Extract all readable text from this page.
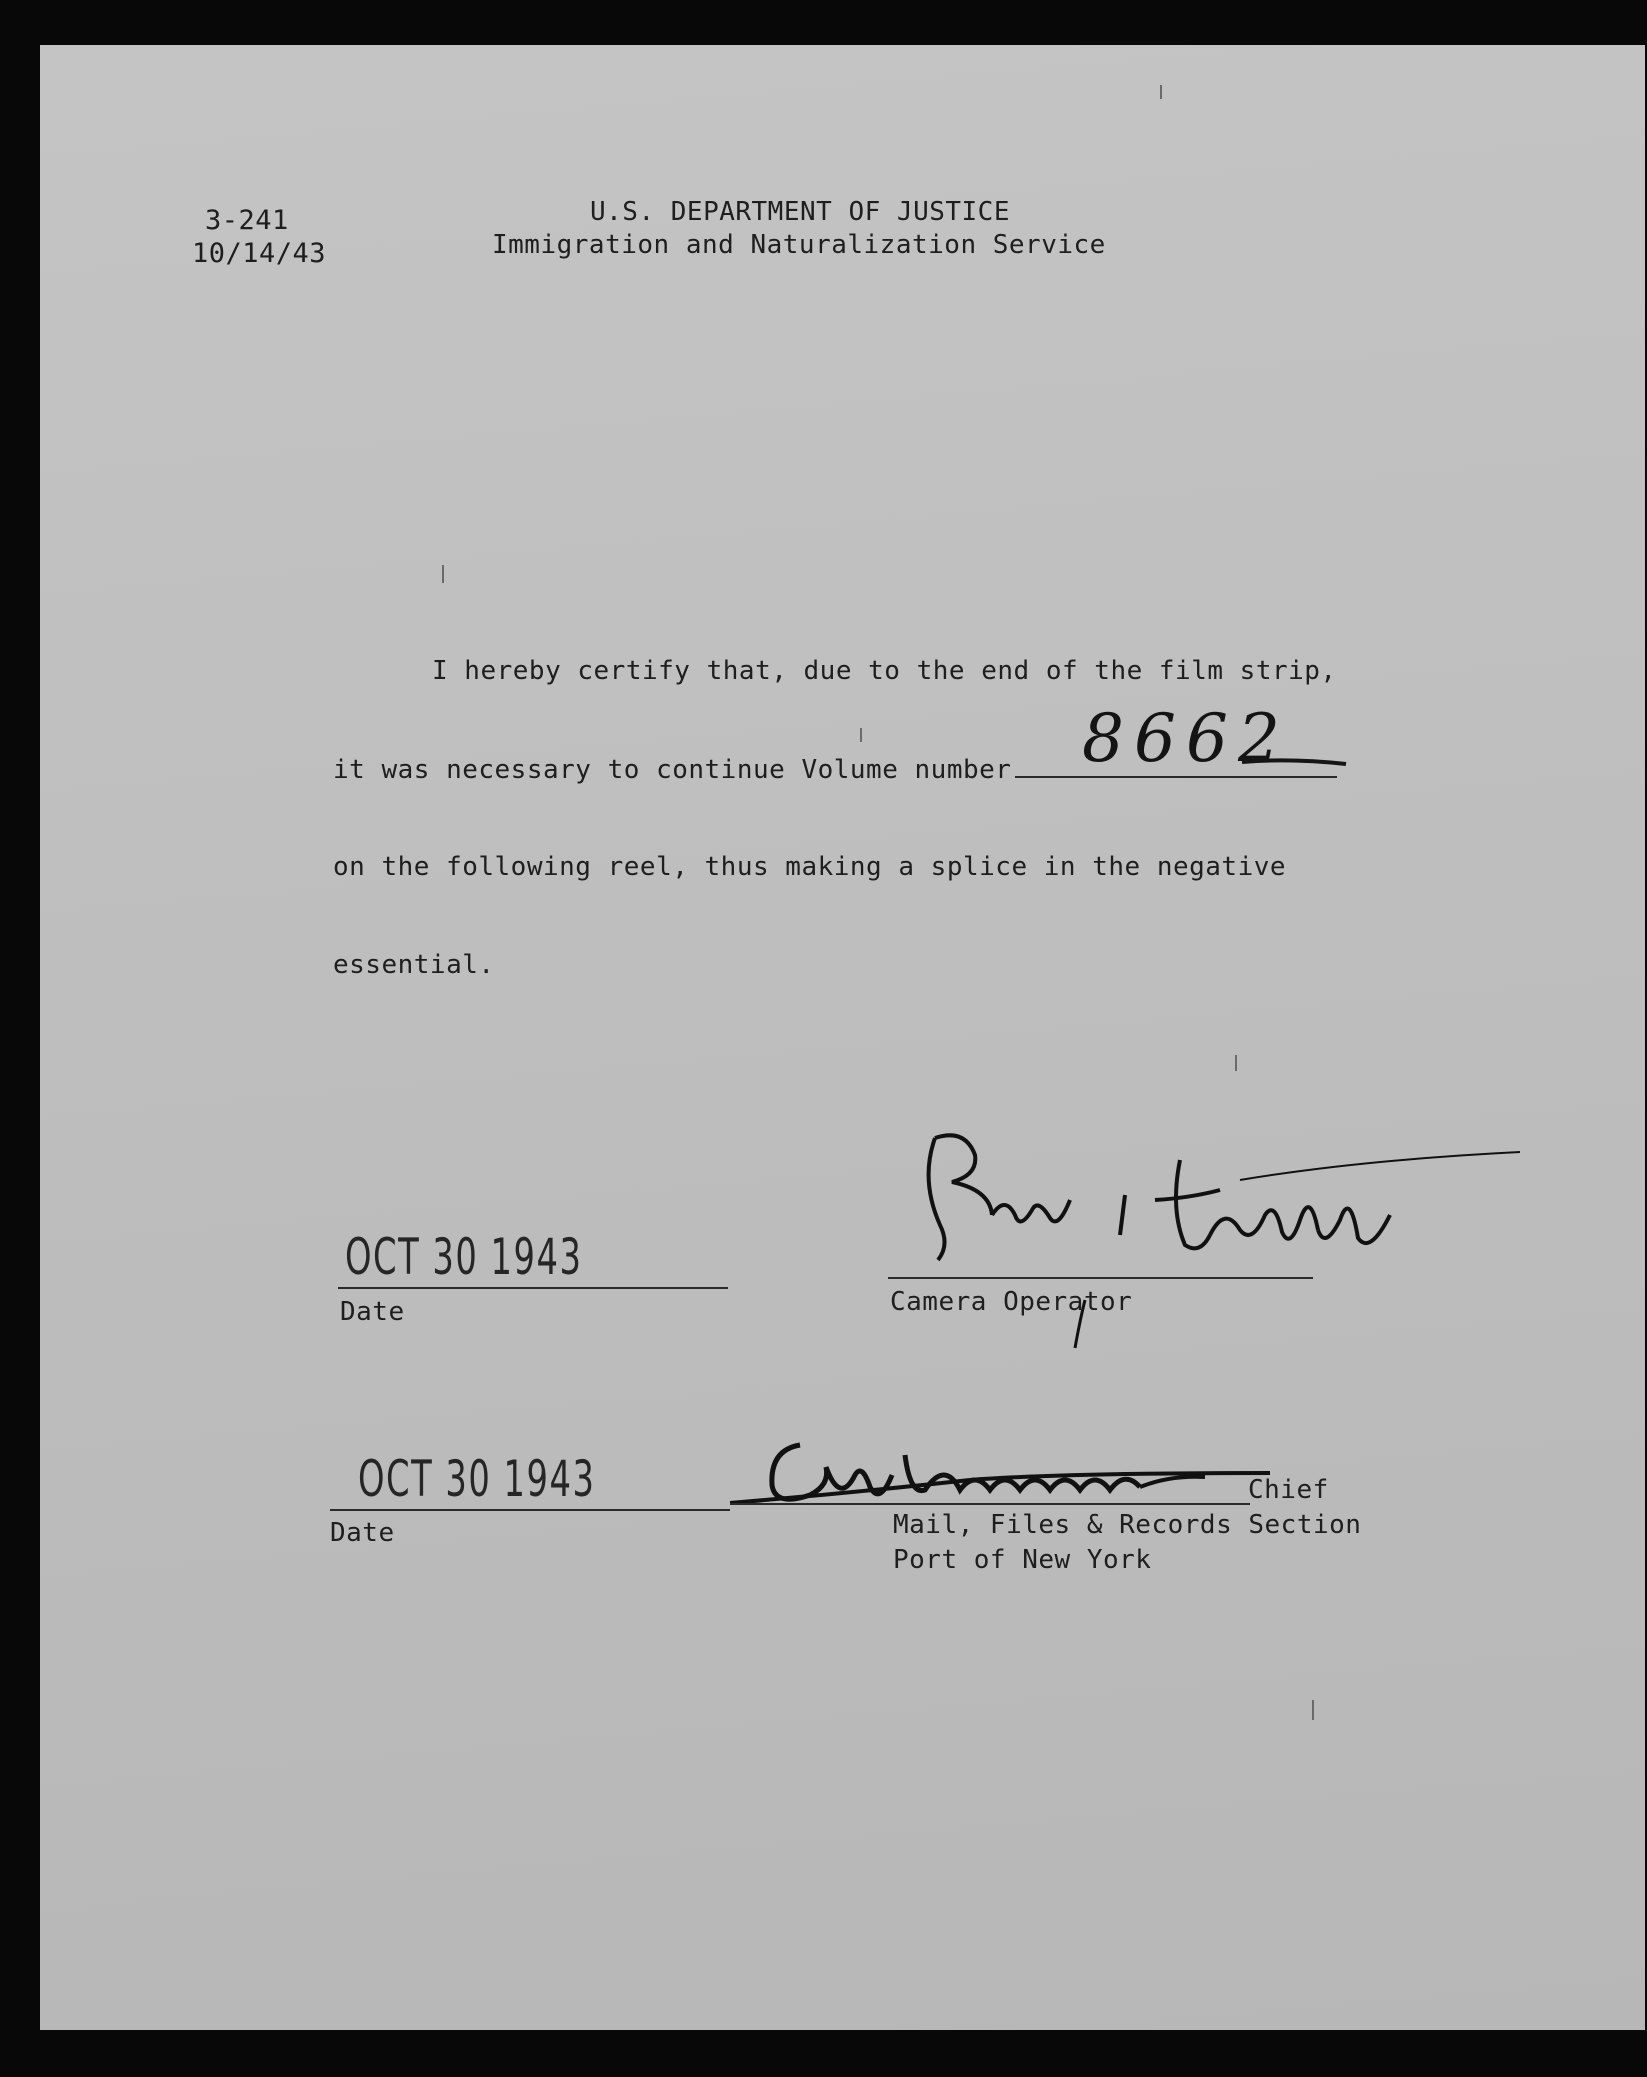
3-241
10/14/43
U.S. DEPARTMENT OF JUSTICE
Immigration and Naturalization Service
I hereby certify that, due to the end of the film strip,
it was necessary to continue Volume number 8662
on the following reel, thus making a splice in the negative
essential.
OCT 30 1943
Date	Camera Operator
OCT 30 1943
Date
Chief
Mail, Files & Records Section
Port of New York
